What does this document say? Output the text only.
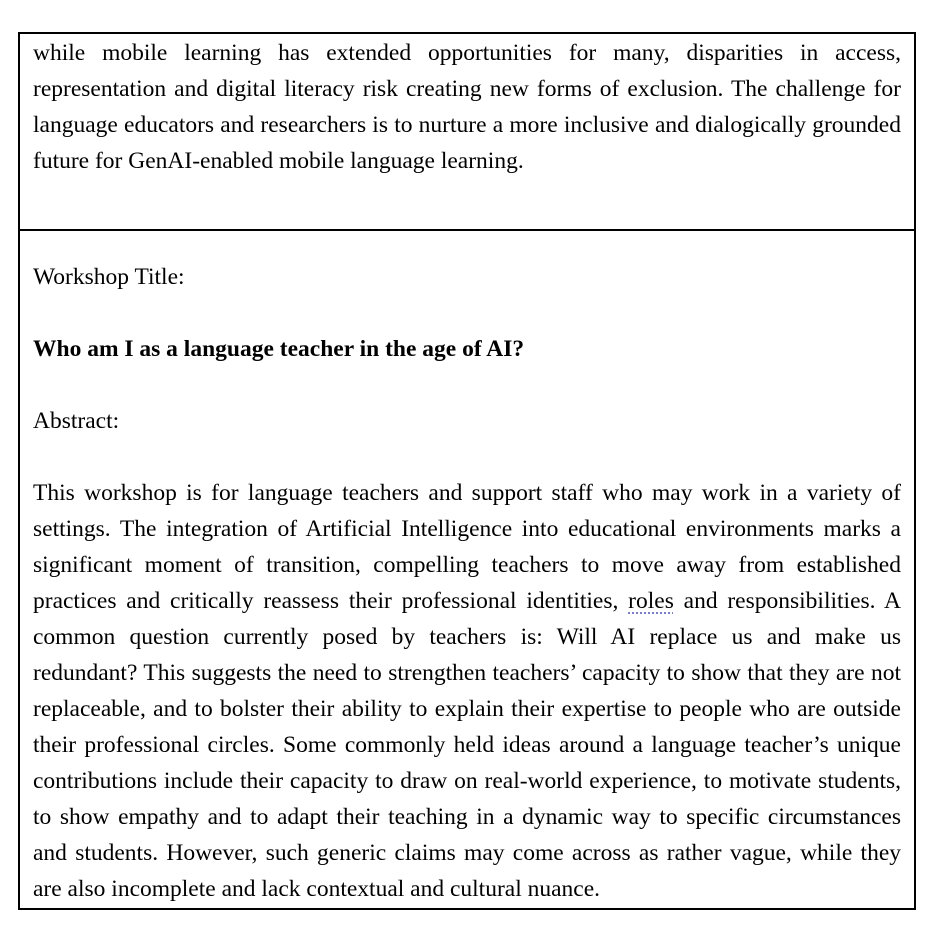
while mobile learning has extended opportunities for many, disparities in access, representation and digital literacy risk creating new forms of exclusion. The challenge for language educators and researchers is to nurture a more inclusive and dialogically grounded future for GenAI-enabled mobile language learning.

Workshop Title:

Who am I as a language teacher in the age of AI?

Abstract:

This workshop is for language teachers and support staff who may work in a variety of settings. The integration of Artificial Intelligence into educational environments marks a significant moment of transition, compelling teachers to move away from established practices and critically reassess their professional identities, roles and responsibilities. A common question currently posed by teachers is: Will AI replace us and make us redundant? This suggests the need to strengthen teachers’ capacity to show that they are not replaceable, and to bolster their ability to explain their expertise to people who are outside their professional circles. Some commonly held ideas around a language teacher’s unique contributions include their capacity to draw on real-world experience, to motivate students, to show empathy and to adapt their teaching in a dynamic way to specific circumstances and students. However, such generic claims may come across as rather vague, while they are also incomplete and lack contextual and cultural nuance.
